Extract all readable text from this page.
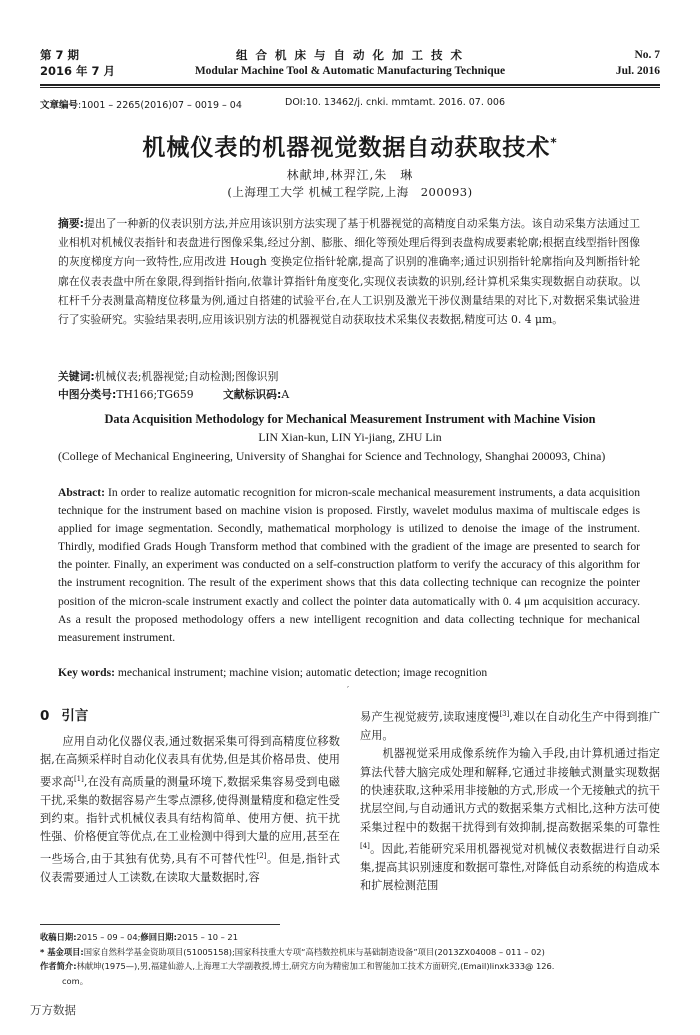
第 7 期
2016 年 7 月
组 合 机 床 与 自 动 化 加 工 技 术
Modular Machine Tool & Automatic Manufacturing Technique
No. 7
Jul. 2016
文章编号:1001 – 2265(2016)07 – 0019 – 04	DOI:10. 13462/j. cnki. mmtamt. 2016. 07. 006
机械仪表的机器视觉数据自动获取技术*
林献坤,林羿江,朱　琳
(上海理工大学 机械工程学院,上海　200093)
摘要:提出了一种新的仪表识别方法,并应用该识别方法实现了基于机器视觉的高精度自动采集方法。该自动采集方法通过工业相机对机械仪表指针和表盘进行图像采集,经过分割、膨胀、细化等预处理后得到表盘构成要素轮廓;根据直线型指针图像的灰度梯度方向一致特性,应用改进 Hough 变换定位指针轮廓,提高了识别的准确率;通过识别指针轮廓指向及判断指针轮廓在仪表表盘中所在象限,得到指针指向,依靠计算指针角度变化,实现仪表读数的识别,经计算机采集实现数据自动获取。以杠杆千分表测量高精度位移量为例,通过自搭建的试验平台,在人工识别及激光干涉仪测量结果的对比下,对数据采集试验进行了实验研究。实验结果表明,应用该识别方法的机器视觉自动获取技术采集仪表数据,精度可达 0. 4 μm。
关键词:机械仪表;机器视觉;自动检测;图像识别
中图分类号:TH166;TG659	文献标识码:A
Data Acquisition Methodology for Mechanical Measurement Instrument with Machine Vision
LIN Xian-kun, LIN Yi-jiang, ZHU Lin
(College of Mechanical Engineering, University of Shanghai for Science and Technology, Shanghai 200093, China)
Abstract: In order to realize automatic recognition for micron-scale mechanical measurement instruments, a data acquisition technique for the instrument based on machine vision is proposed. Firstly, wavelet modulus maxima of multiscale edges is applied for image segmentation. Secondly, mathematical morphology is utilized to denoise the image of the instrument. Thirdly, modified Grads Hough Transform method that combined with the gradient of the image are presented to search for the pointer. Finally, an experiment was conducted on a self-construction platform to verify the accuracy of this algorithm for the instrument recognition. The result of the experiment shows that this data collecting technique can recognize the pointer position of the micron-scale instrument exactly and collect the pointer data automatically with 0. 4 μm acquisition accuracy. As a result the proposed methodology offers a new intelligent recognition and data collecting technique for mechanical measurement instrument.
Key words: mechanical instrument; machine vision; automatic detection; image recognition
′
0 引言

应用自动化仪器仪表,通过数据采集可得到高精度位移数据,在高频采样时自动化仪表具有优势,但是其价格昂贵、使用要求高[1],在没有高质量的测量环境下,数据采集容易受到电磁干扰,采集的数据容易产生零点漂移,使得测量精度和稳定性受到约束。指针式机械仪表具有结构简单、使用方便、抗干扰性强、价格便宜等优点,在工业检测中得到大量的应用,甚至在一些场合,由于其独有优势,具有不可替代性[2]。但是,指针式仪表需要通过人工读数,在读取大量数据时,容

易产生视觉疲劳,读取速度慢[3],难以在自动化生产中得到推广应用。

机器视觉采用成像系统作为输入手段,由计算机通过指定算法代替大脑完成处理和解释,它通过非接触式测量实现数据的快速获取,这种采用非接触的方式,形成一个无接触式的抗干扰层空间,与自动通讯方式的数据采集方式相比,这种方法可使采集过程中的数据干扰得到有效抑制,提高数据采集的可靠性[4]。因此,若能研究采用机器视觉对机械仪表数据进行自动采集,提高其识别速度和数据可靠性,对降低自动系统的构造成本和扩展检测范围

收稿日期:2015 – 09 – 04;修回日期:2015 – 10 – 21
* 基金项目:国家自然科学基金资助项目(51005158);国家科技重大专项“高档数控机床与基础制造设备”项目(2013ZX04008 – 011 – 02)
作者简介:林献坤(1975—),男,福建仙游人,上海理工大学副教授,博士,研究方向为精密加工和智能加工技术方面研究,(Email)linxk333@ 126.
com。
万方数据
